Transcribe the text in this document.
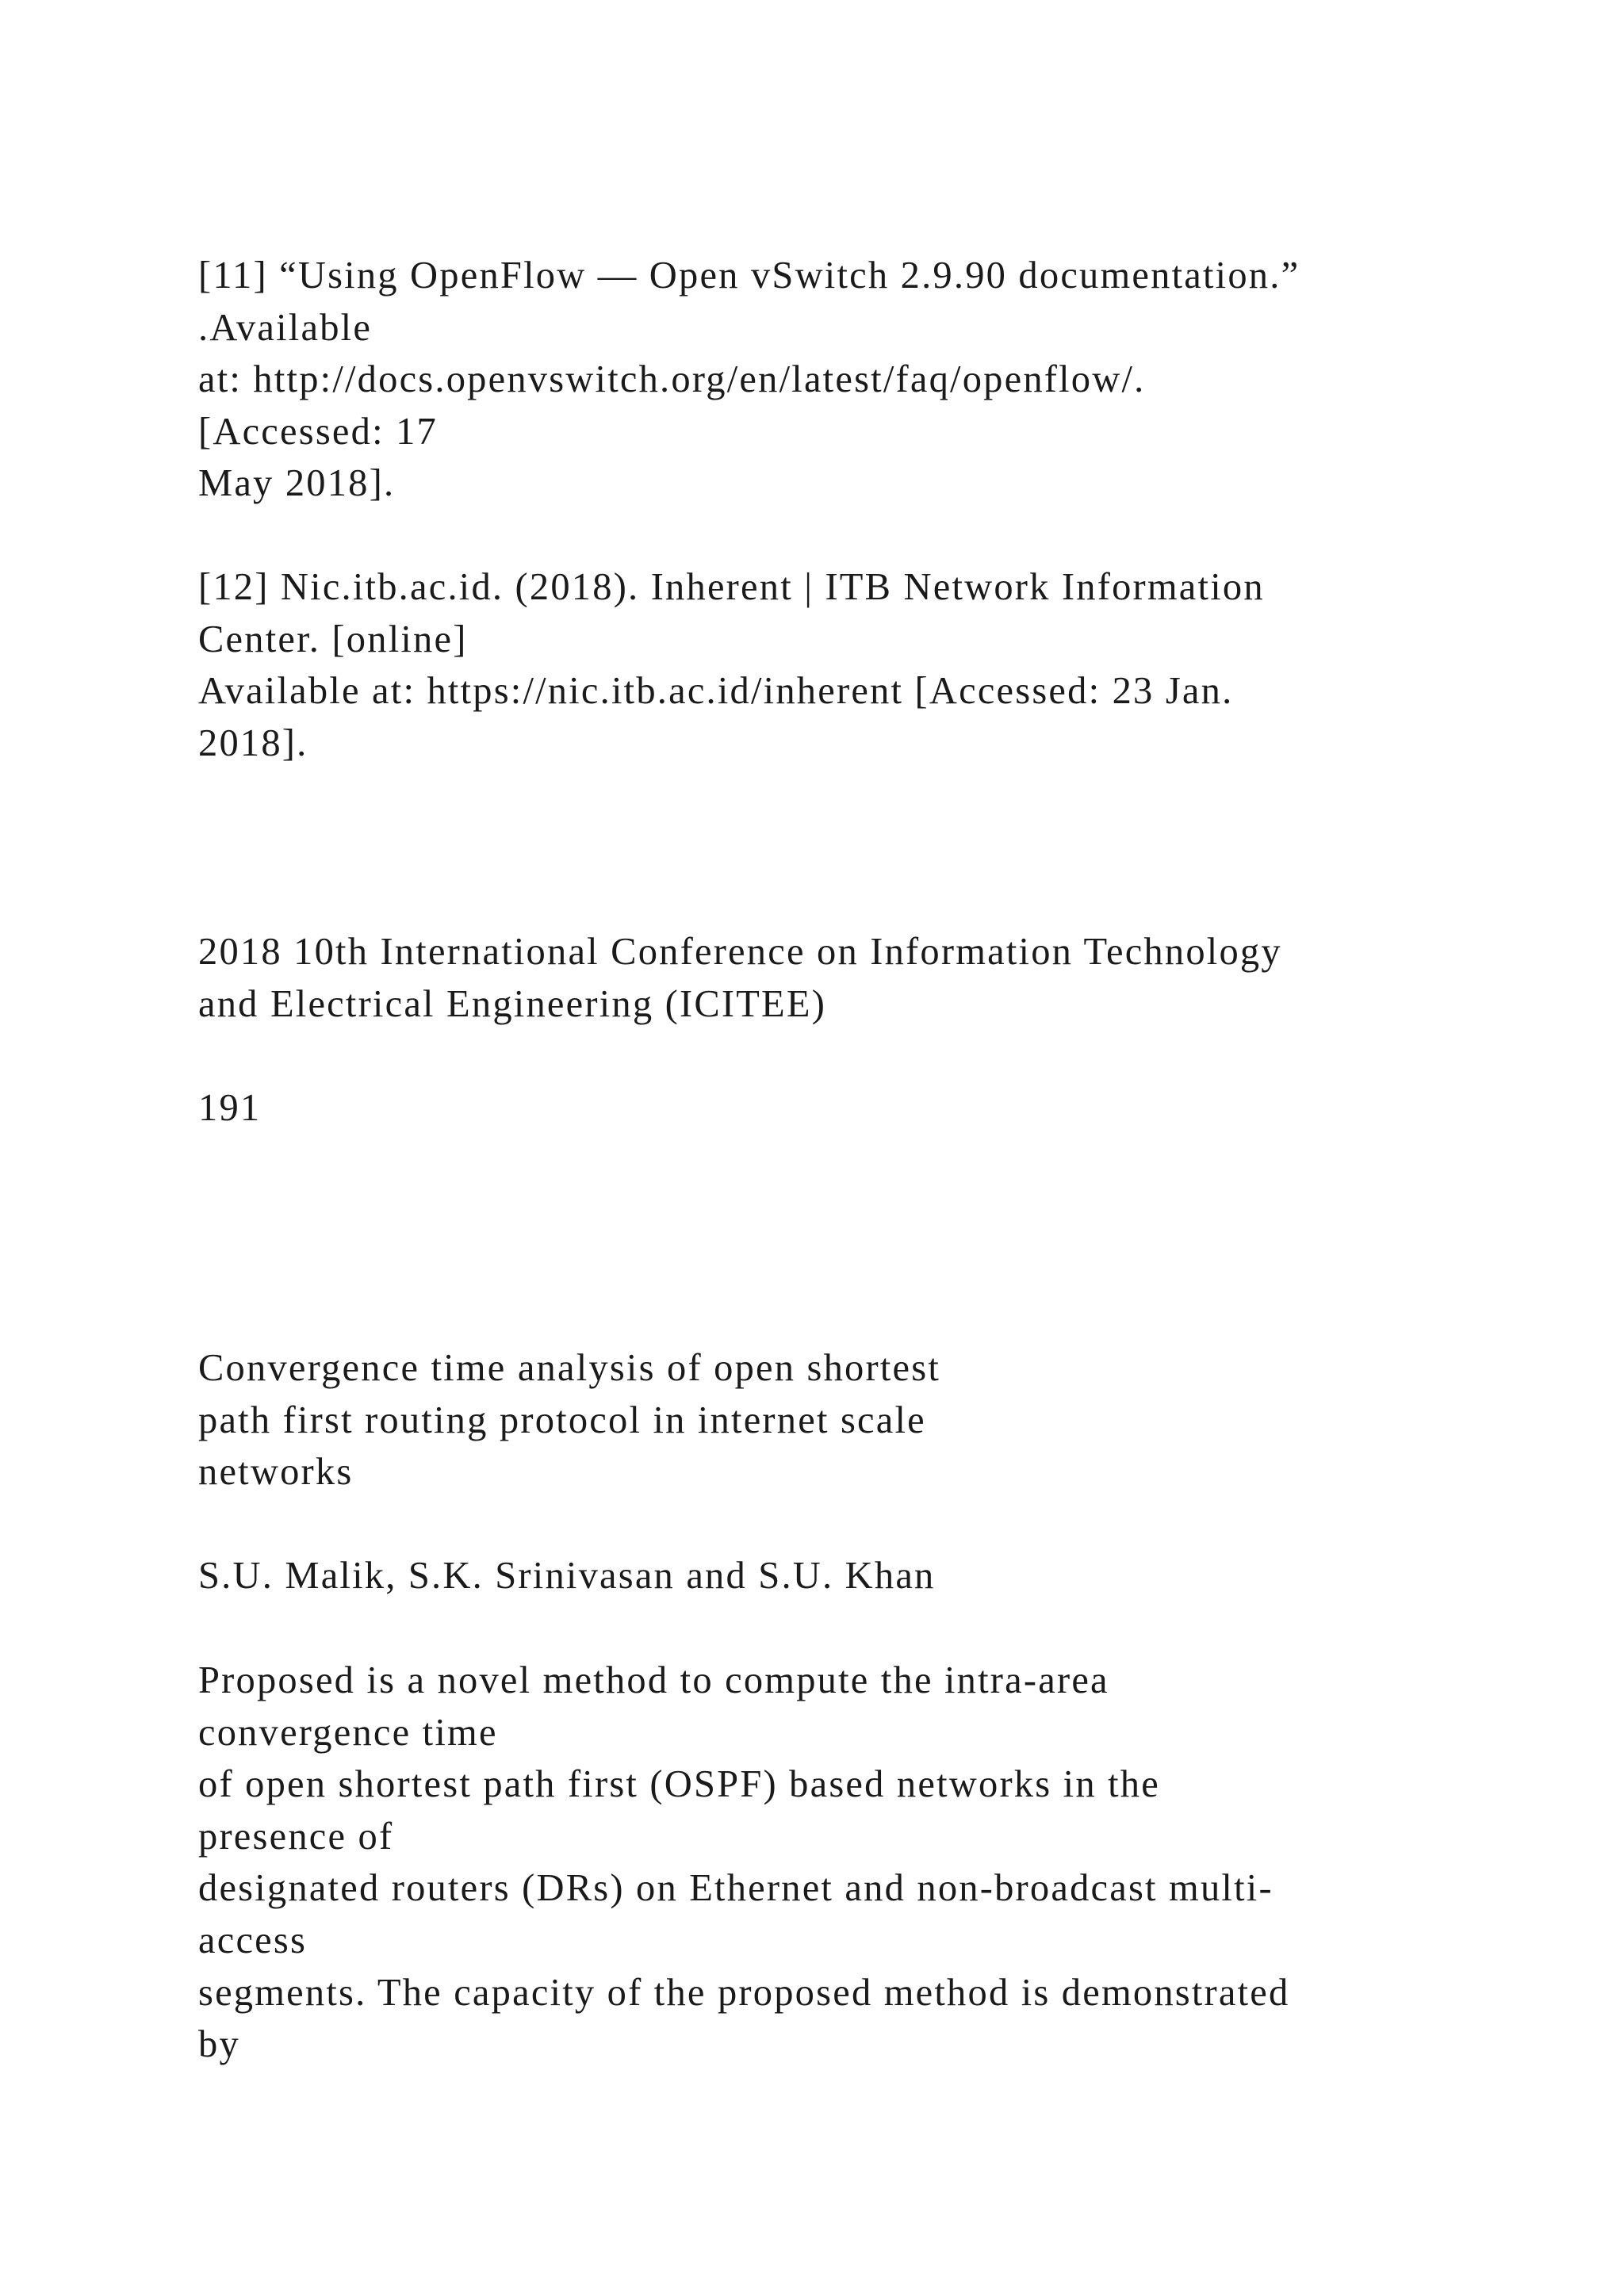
[11] “Using OpenFlow — Open vSwitch 2.9.90 documentation.”
.Available
at: http://docs.openvswitch.org/en/latest/faq/openflow/.
[Accessed: 17
May 2018].
[12] Nic.itb.ac.id. (2018). Inherent | ITB Network Information
Center. [online]
Available at: https://nic.itb.ac.id/inherent [Accessed: 23 Jan.
2018].
2018 10th International Conference on Information Technology
and Electrical Engineering (ICITEE)
191
Convergence time analysis of open shortest
path first routing protocol in internet scale
networks
S.U. Malik, S.K. Srinivasan and S.U. Khan
Proposed is a novel method to compute the intra-area
convergence time
of open shortest path first (OSPF) based networks in the
presence of
designated routers (DRs) on Ethernet and non-broadcast multi-
access
segments. The capacity of the proposed method is demonstrated
by
